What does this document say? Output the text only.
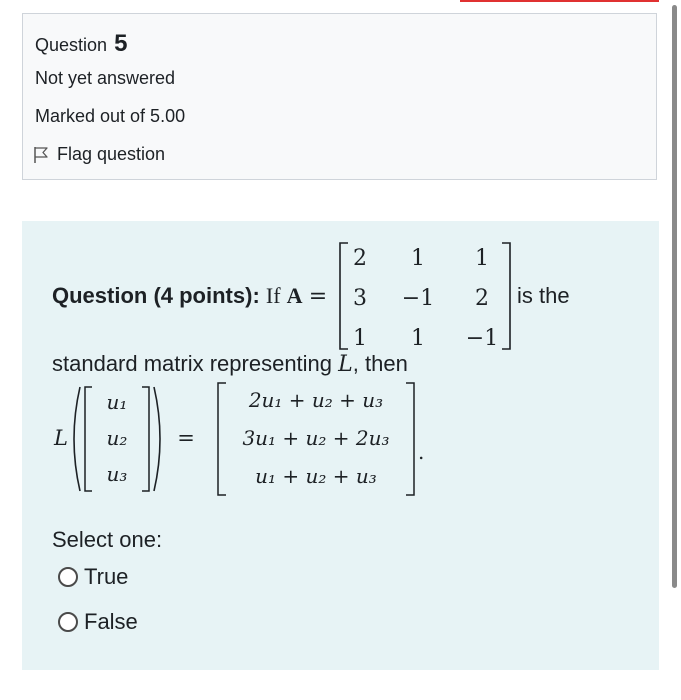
Question 5
Not yet answered
Marked out of 5.00
Flag question
Question (4 points): If A =
2 1 1
3 −1 2
1 1 −1
is the
standard matrix representing L, then
L
u₁
u₂
u₃
=
2u₁ + u₂ + u₃
3u₁ + u₂ + 2u₃
u₁ + u₂ + u₃
.
Select one:
True
False
